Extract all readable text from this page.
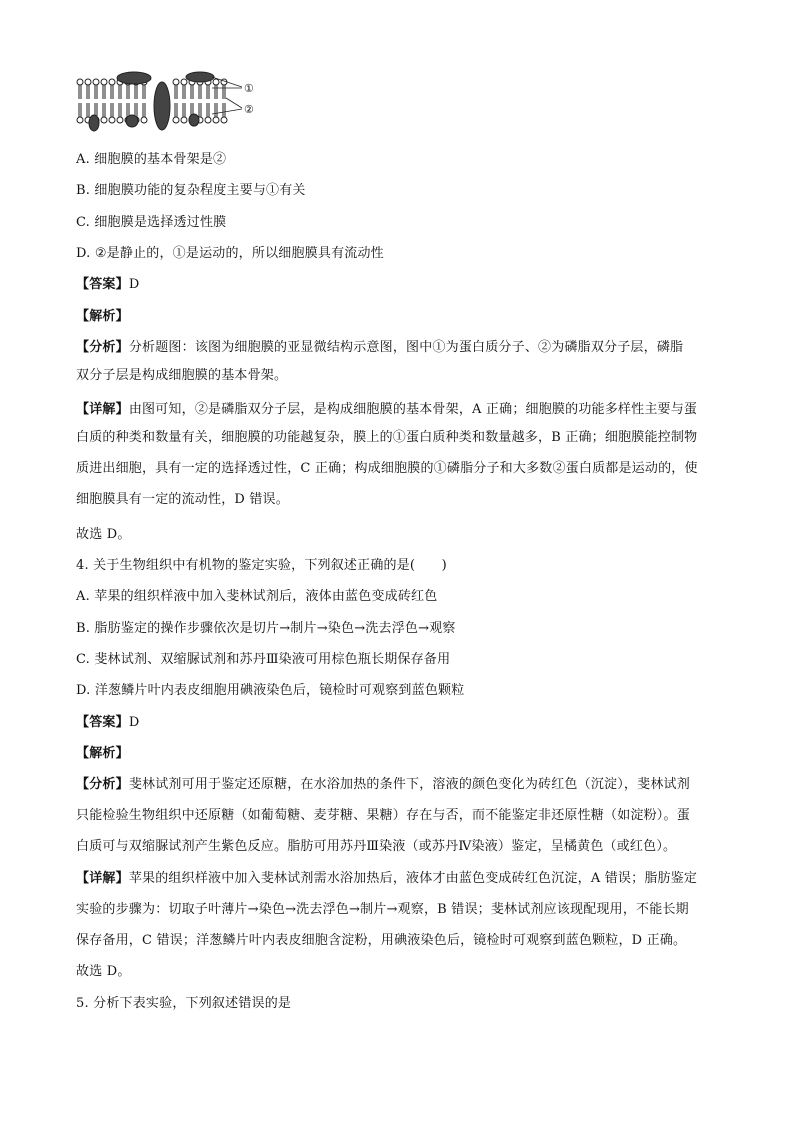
①
②
A. 细胞膜的基本骨架是②
B. 细胞膜功能的复杂程度主要与①有关
C. 细胞膜是选择透过性膜
D. ②是静止的，①是运动的，所以细胞膜具有流动性
【答案】D
【解析】
【分析】分析题图：该图为细胞膜的亚显微结构示意图，图中①为蛋白质分子、②为磷脂双分子层，磷脂
双分子层是构成细胞膜的基本骨架。
【详解】由图可知，②是磷脂双分子层，是构成细胞膜的基本骨架，A 正确；细胞膜的功能多样性主要与蛋
白质的种类和数量有关，细胞膜的功能越复杂，膜上的①蛋白质种类和数量越多，B 正确；细胞膜能控制物
质进出细胞，具有一定的选择透过性，C 正确；构成细胞膜的①磷脂分子和大多数②蛋白质都是运动的，使
细胞膜具有一定的流动性，D 错误。
故选 D。
4. 关于生物组织中有机物的鉴定实验，下列叙述正确的是(　　)
A. 苹果的组织样液中加入斐林试剂后，液体由蓝色变成砖红色
B. 脂肪鉴定的操作步骤依次是切片→制片→染色→洗去浮色→观察
C. 斐林试剂、双缩脲试剂和苏丹Ⅲ染液可用棕色瓶长期保存备用
D. 洋葱鳞片叶内表皮细胞用碘液染色后，镜检时可观察到蓝色颗粒
【答案】D
【解析】
【分析】斐林试剂可用于鉴定还原糖，在水浴加热的条件下，溶液的颜色变化为砖红色（沉淀），斐林试剂
只能检验生物组织中还原糖（如葡萄糖、麦芽糖、果糖）存在与否，而不能鉴定非还原性糖（如淀粉）。蛋
白质可与双缩脲试剂产生紫色反应。脂肪可用苏丹Ⅲ染液（或苏丹Ⅳ染液）鉴定，呈橘黄色（或红色）。
【详解】苹果的组织样液中加入斐林试剂需水浴加热后，液体才由蓝色变成砖红色沉淀，A 错误；脂肪鉴定
实验的步骤为：切取子叶薄片→染色→洗去浮色→制片→观察，B 错误；斐林试剂应该现配现用，不能长期
保存备用，C 错误；洋葱鳞片叶内表皮细胞含淀粉，用碘液染色后，镜检时可观察到蓝色颗粒，D 正确。
故选 D。
5. 分析下表实验，下列叙述错误的是
